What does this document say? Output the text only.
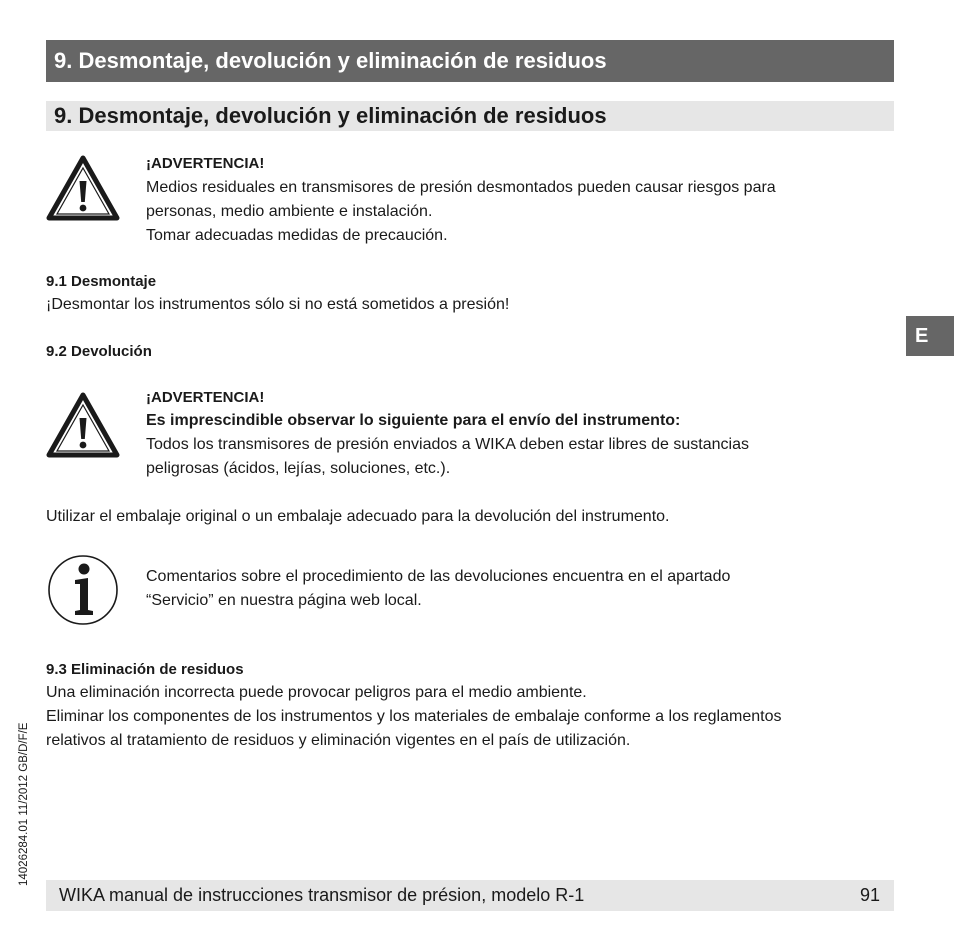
9. Desmontaje, devolución y eliminación de residuos
9. Desmontaje, devolución y eliminación de residuos
E
¡ADVERTENCIA!
Medios residuales en transmisores de presión desmontados pueden causar riesgos para
personas, medio ambiente e instalación.
Tomar adecuadas medidas de precaución.
9.1 Desmontaje
¡Desmontar los instrumentos sólo si no está sometidos a presión!
9.2 Devolución
¡ADVERTENCIA!
Es imprescindible observar lo siguiente para el envío del instrumento:
Todos los transmisores de presión enviados a WIKA deben estar libres de sustancias
peligrosas (ácidos, lejías, soluciones, etc.).
Utilizar el embalaje original o un embalaje adecuado para la devolución del instrumento.
Comentarios sobre el procedimiento de las devoluciones encuentra en el apartado
“Servicio” en nuestra página web local.
9.3 Eliminación de residuos
Una eliminación incorrecta puede provocar peligros para el medio ambiente.
Eliminar los componentes de los instrumentos y los materiales de embalaje conforme a los reglamentos
relativos al tratamiento de residuos y eliminación vigentes en el país de utilización.
14026284.01 11/2012 GB/D/F/E
WIKA manual de instrucciones transmisor de présion, modelo R-1	91
